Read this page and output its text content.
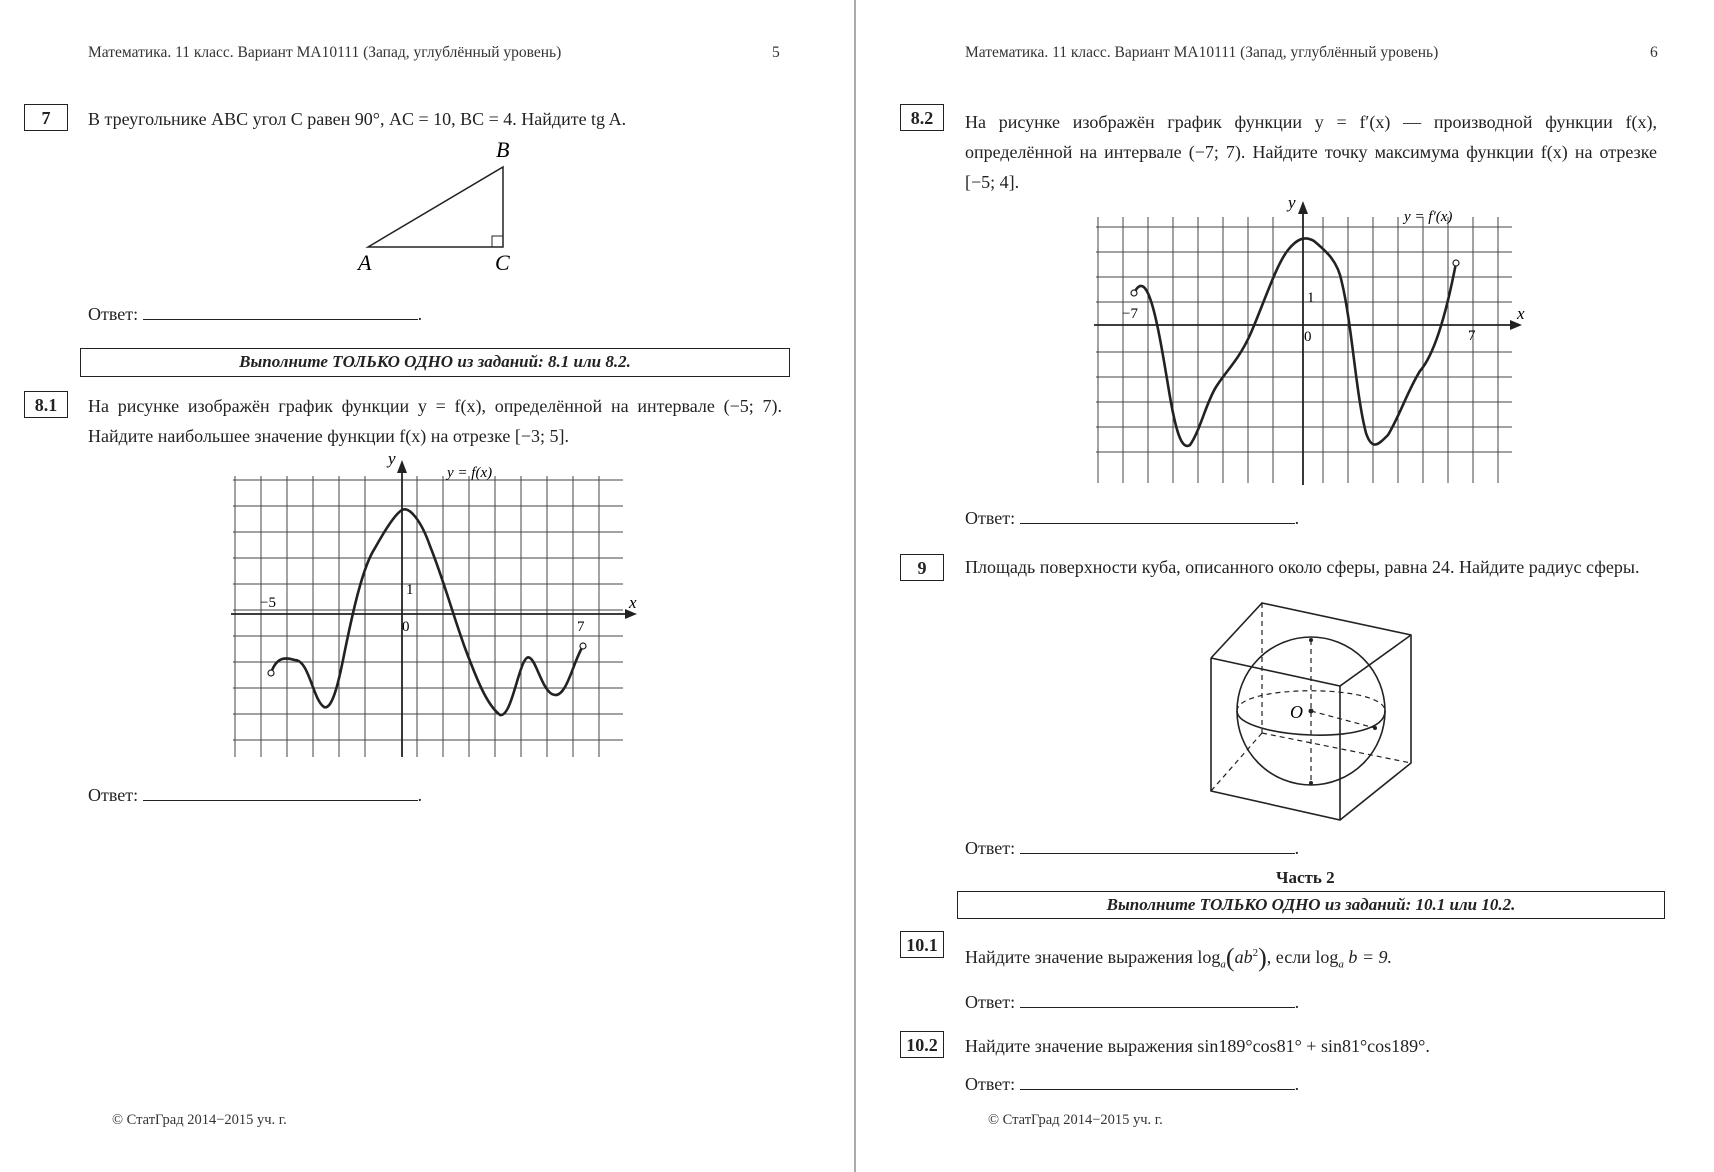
Математика. 11 класс. Вариант МА10111 (Запад, углублённый уровень)	5
7	В треугольнике ABC угол C равен 90°, AC = 10, BC = 4. Найдите tg A.
B
A	C
Ответ:	.
Выполните ТОЛЬКО ОДНО из заданий: 8.1 или 8.2.
8.1	На рисунке изображён график функции y = f(x), определённой на интервале (−5; 7). Найдите наибольшее значение функции f(x) на отрезке [−3; 5].
y
x
y = f(x)
−5
7
1
0
Ответ:	.
© СтатГрад 2014−2015 уч. г.
Математика. 11 класс. Вариант МА10111 (Запад, углублённый уровень)	6
8.2	На рисунке изображён график функции y = f′(x) — производной функции f(x), определённой на интервале (−7; 7). Найдите точку максимума функции f(x) на отрезке [−5; 4].
y
x
y = f′(x)
−7
7
1
0
Ответ:	.
9	Площадь поверхности куба, описанного около сферы, равна 24. Найдите радиус сферы.
O
Ответ:	.
Часть 2
Выполните ТОЛЬКО ОДНО из заданий: 10.1 или 10.2.
10.1
Найдите значение выражения $\log_a(ab^2)$, если $\log_a b = 9$.
Ответ:	.
10.2	Найдите значение выражения sin189°cos81° + sin81°cos189°.
Ответ:	.
© СтатГрад 2014−2015 уч. г.
